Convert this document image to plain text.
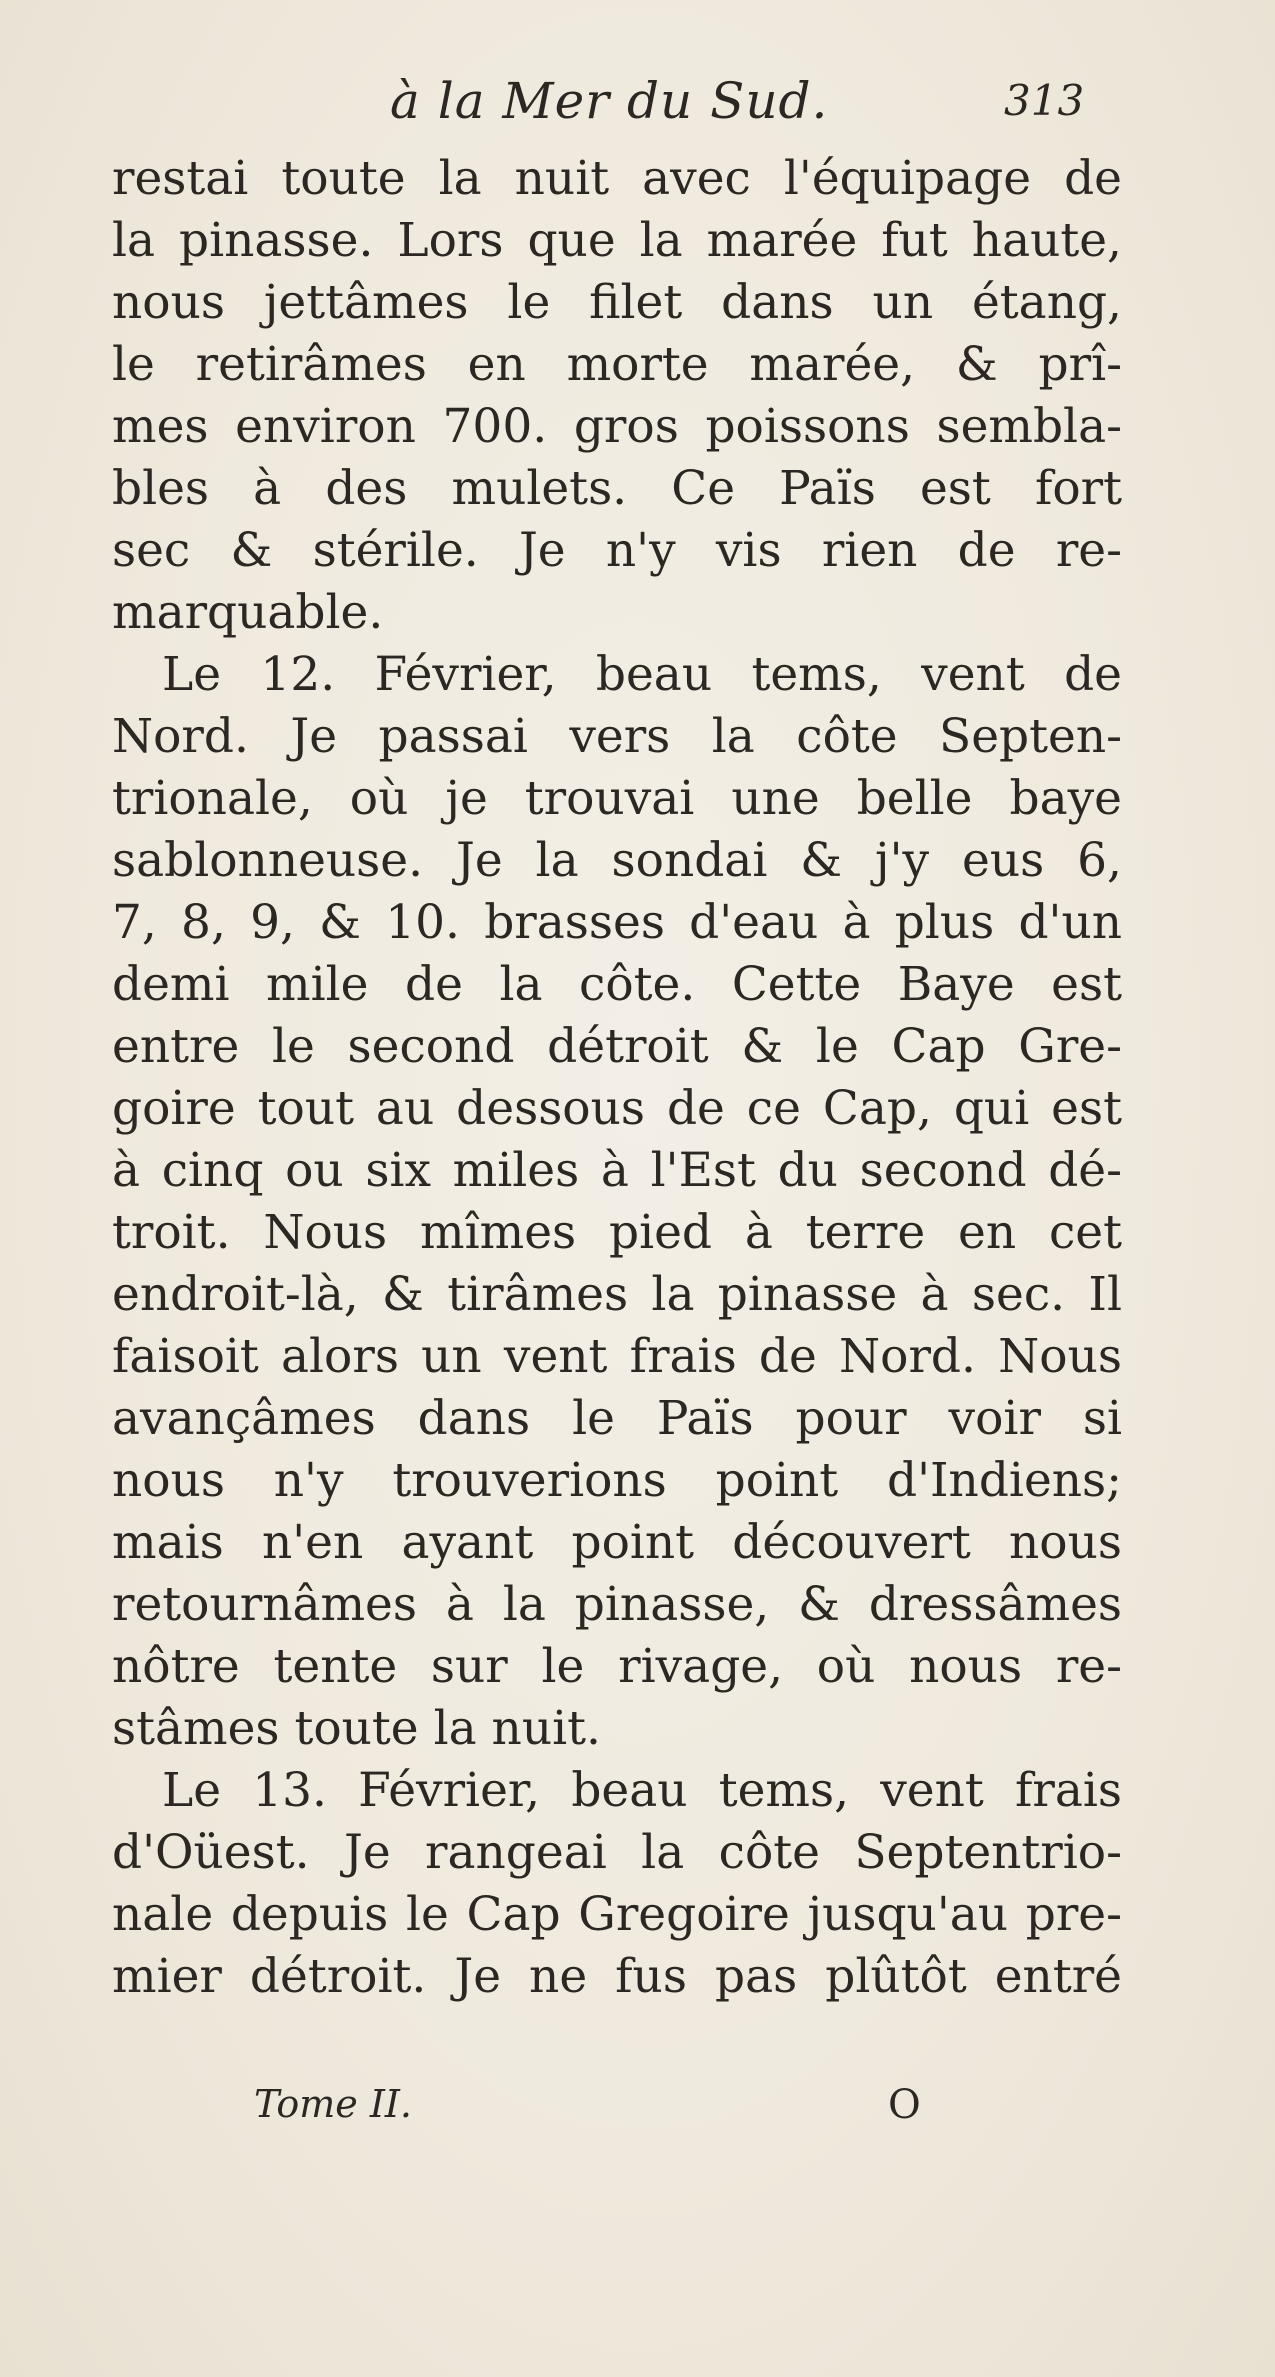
à la Mer du Sud.	313
restai toute la nuit avec l'équipage de
la pinasse. Lors que la marée fut haute,
nous jettâmes le filet dans un étang,
le retirâmes en morte marée, & prî-
mes environ 700. gros poissons sembla-
bles à des mulets. Ce Païs est fort
sec & stérile. Je n'y vis rien de re-
marquable.
Le 12. Février, beau tems, vent de
Nord. Je passai vers la côte Septen-
trionale, où je trouvai une belle baye
sablonneuse. Je la sondai & j'y eus 6,
7, 8, 9, & 10. brasses d'eau à plus d'un
demi mile de la côte. Cette Baye est
entre le second détroit & le Cap Gre-
goire tout au dessous de ce Cap, qui est
à cinq ou six miles à l'Est du second dé-
troit. Nous mîmes pied à terre en cet
endroit-là, & tirâmes la pinasse à sec. Il
faisoit alors un vent frais de Nord. Nous
avançâmes dans le Païs pour voir si
nous n'y trouverions point d'Indiens;
mais n'en ayant point découvert nous
retournâmes à la pinasse, & dressâmes
nôtre tente sur le rivage, où nous re-
stâmes toute la nuit.
Le 13. Février, beau tems, vent frais
d'Oüest. Je rangeai la côte Septentrio-
nale depuis le Cap Gregoire jusqu'au pre-
mier détroit. Je ne fus pas plûtôt entré
Tome II.	O
